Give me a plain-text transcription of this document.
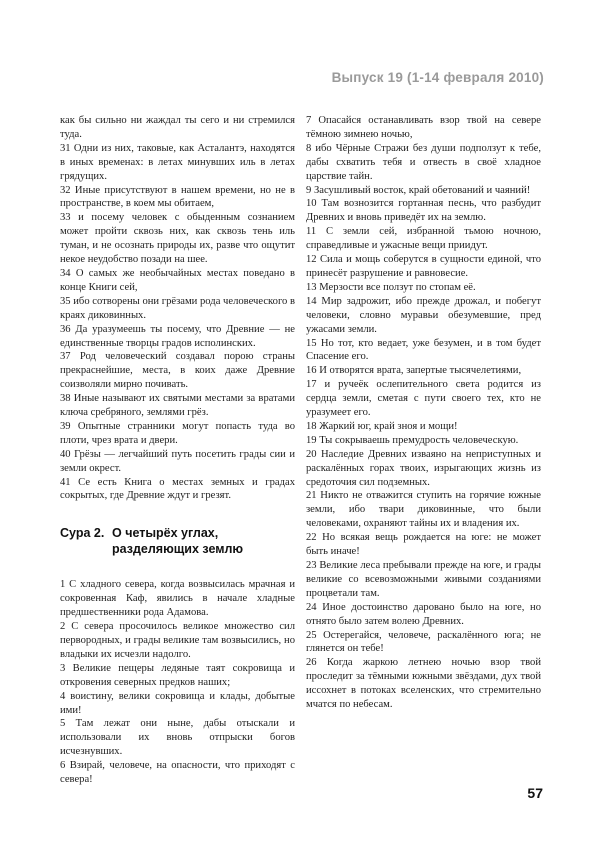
Выпуск 19 (1-14 февраля 2010)

как бы сильно ни жаждал ты сего и ни стремился туда.

31 Одни из них, таковые, как Асталантэ, находятся в иных временах: в летах минувших иль в летах грядущих.

32 Иные присутствуют в нашем времени, но не в пространстве, в коем мы обитаем,

33 и посему человек с обыденным сознанием может пройти сквозь них, как сквозь тень иль туман, и не осознать природы их, разве что ощутит некое неудобство позади на шее.

34 О самых же необычайных местах поведано в конце Книги сей,

35 ибо сотворены они грёзами рода человеческого в краях диковинных.

36 Да уразумеешь ты посему, что Древние — не единственные творцы градов исполинских.

37 Род человеческий создавал порою страны прекраснейшие, места, в коих даже Древние соизволяли мирно почивать.

38 Иные называют их святыми местами за вратами ключа сребряного, землями грёз.

39 Опытные странники могут попасть туда во плоти, чрез врата и двери.

40 Грёзы — легчайший путь посетить грады сии и земли окрест.

41 Се есть Книга о местах земных и градах сокрытых, где Древние ждут и грезят.

Сура 2. О четырёх углах, разделяющих землю

1 С хладного севера, когда возвысилась мрачная и сокровенная Каф, явились в начале хладные предшественники рода Адамова.

2 С севера просочилось великое множество сил первородных, и грады великие там возвысились, но владыки их исчезли надолго.

3 Великие пещеры ледяные таят сокровища и откровения северных предков наших;

4 воистину, велики сокровища и клады, добытые ими!

5 Там лежат они ныне, дабы отыскали и использовали их вновь отпрыски богов исчезнувших.

6 Взирай, человече, на опасности, что приходят с севера!

7 Опасайся останавливать взор твой на севере тёмною зимнею ночью,

8 ибо Чёрные Стражи без души подползут к тебе, дабы схватить тебя и отвесть в своё хладное царствие тайн.

9 Засушливый восток, край обетований и чаяний!

10 Там вознозится гортанная песнь, что разбудит Древних и вновь приведёт их на землю.

11 С земли сей, избранной тьмою ночною, справедливые и ужасные вещи приидут.

12 Сила и мощь соберутся в сущности единой, что принесёт разрушение и равновесие.

13 Мерзости все ползут по стопам её.

14 Мир задрожит, ибо прежде дрожал, и побегут человеки, словно муравьи обезумевшие, пред ужасами земли.

15 Но тот, кто ведает, уже безумен, и в том будет Спасение его.

16 И отворятся врата, запертые тысячелетиями,

17 и ручеёк ослепительного света родится из сердца земли, сметая с пути своего тех, кто не уразумеет его.

18 Жаркий юг, край зноя и мощи!

19 Ты сокрываешь премудрость человеческую.

20 Наследие Древних изваяно на неприступных и раскалённых горах твоих, изрыгающих жизнь из средоточия сил подземных.

21 Никто не отважится ступить на горячие южные земли, ибо твари диковинные, что были человеками, охраняют тайны их и владения их.

22 Но всякая вещь рождается на юге: не может быть иначе!

23 Великие леса пребывали прежде на юге, и грады великие со всевозможными живыми созданиями процветали там.

24 Иное достоинство даровано было на юге, но отнято было затем волею Древних.

25 Остерегайся, человече, раскалённого юга; не глянется он тебе!

26 Когда жаркою летнею ночью взор твой проследит за тёмными южными звёздами, дух твой иссохнет в потоках вселенских, что стремительно мчатся по небесам.

57
